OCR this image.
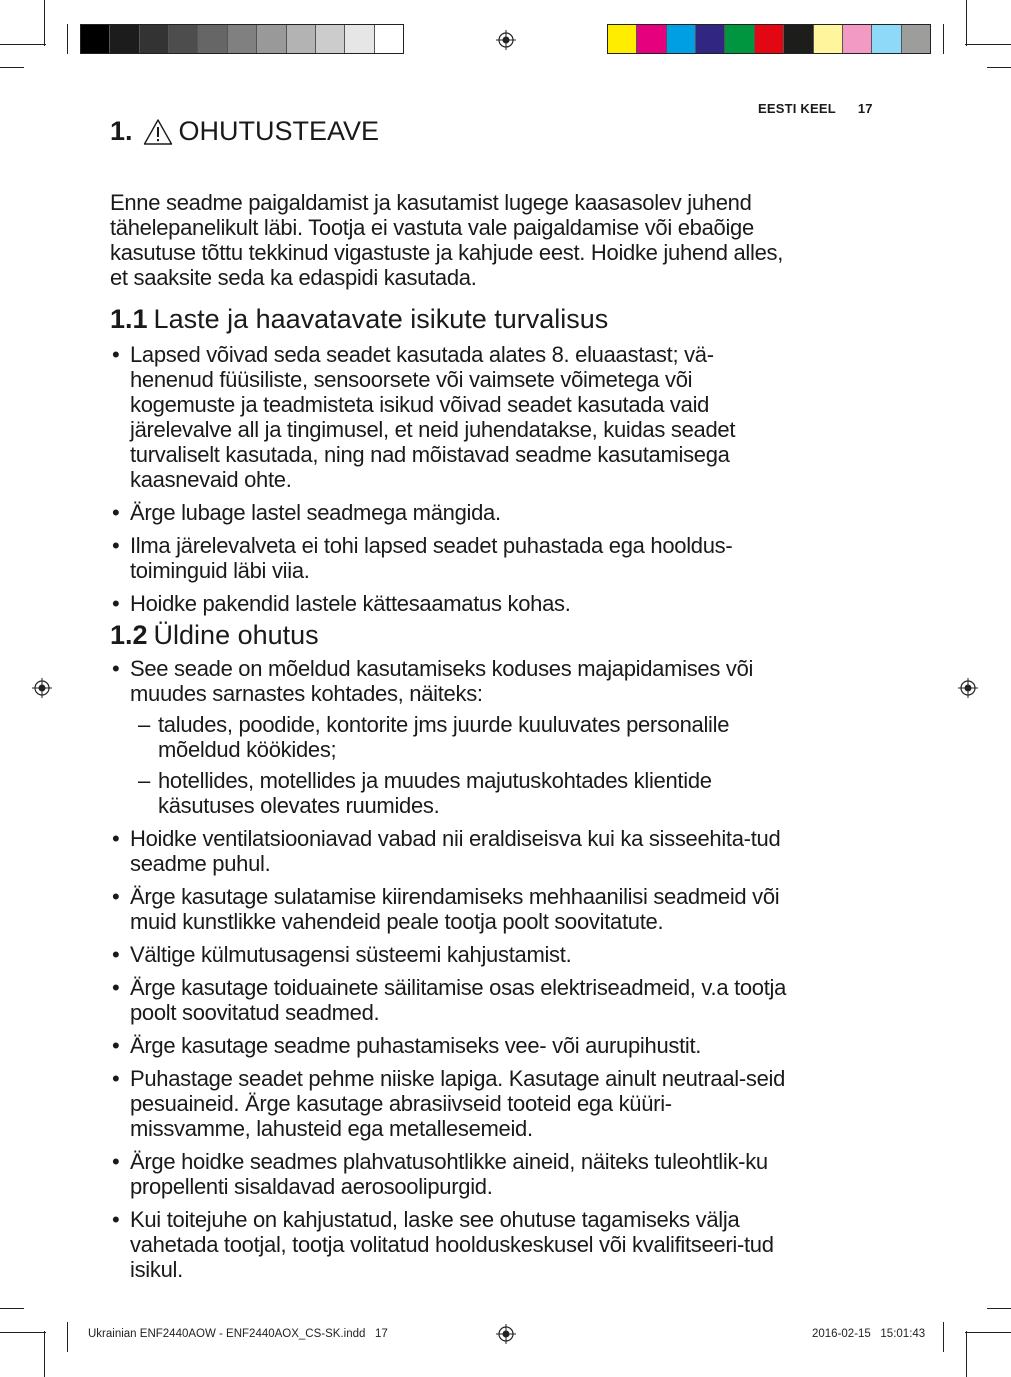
EESTI KEEL 17
1. OHUTUSTEAVE

Enne seadme paigaldamist ja kasutamist lugege kaasasolev juhend tähelepanelikult läbi. Tootja ei vastuta vale paigaldamise või ebaõige kasutuse tõttu tekkinud vigastuste ja kahjude eest. Hoidke juhend alles, et saaksite seda ka edaspidi kasutada.

1.1 Laste ja haavatavate isikute turvalisus
• Lapsed võivad seda seadet kasutada alates 8. eluaastast; vä-henenud füüsiliste, sensoorsete või vaimsete võimetega või kogemuste ja teadmisteta isikud võivad seadet kasutada vaid järelevalve all ja tingimusel, et neid juhendatakse, kuidas seadet turvaliselt kasutada, ning nad mõistavad seadme kasutamisega kaasnevaid ohte.
• Ärge lubage lastel seadmega mängida.
• Ilma järelevalveta ei tohi lapsed seadet puhastada ega hooldus-toiminguid läbi viia.
• Hoidke pakendid lastele kättesaamatus kohas.
1.2 Üldine ohutus
• See seade on mõeldud kasutamiseks koduses majapidamises või muudes sarnastes kohtades, näiteks:
– taludes, poodide, kontorite jms juurde kuuluvates personalile mõeldud köökides;
– hotellides, motellides ja muudes majutuskohtades klientide käsutuses olevates ruumides.
• Hoidke ventilatsiooniavad vabad nii eraldiseisva kui ka sisseehita-tud seadme puhul.
• Ärge kasutage sulatamise kiirendamiseks mehhaanilisi seadmeid või muid kunstlikke vahendeid peale tootja poolt soovitatute.
• Vältige külmutusagensi süsteemi kahjustamist.
• Ärge kasutage toiduainete säilitamise osas elektriseadmeid, v.a tootja poolt soovitatud seadmed.
• Ärge kasutage seadme puhastamiseks vee- või aurupihustit.
• Puhastage seadet pehme niiske lapiga. Kasutage ainult neutraal-seid pesuaineid. Ärge kasutage abrasiivseid tooteid ega küüri-missvamme, lahusteid ega metallesemeid.
• Ärge hoidke seadmes plahvatusohtlikke aineid, näiteks tuleohtlik-ku propellenti sisaldavad aerosoolipurgid.
• Kui toitejuhe on kahjustatud, laske see ohutuse tagamiseks välja vahetada tootjal, tootja volitatud hoolduskeskusel või kvalifitseeri-tud isikul.
Ukrainian ENF2440AOW - ENF2440AOX_CS-SK.indd   17	2016-02-15   15:01:43
